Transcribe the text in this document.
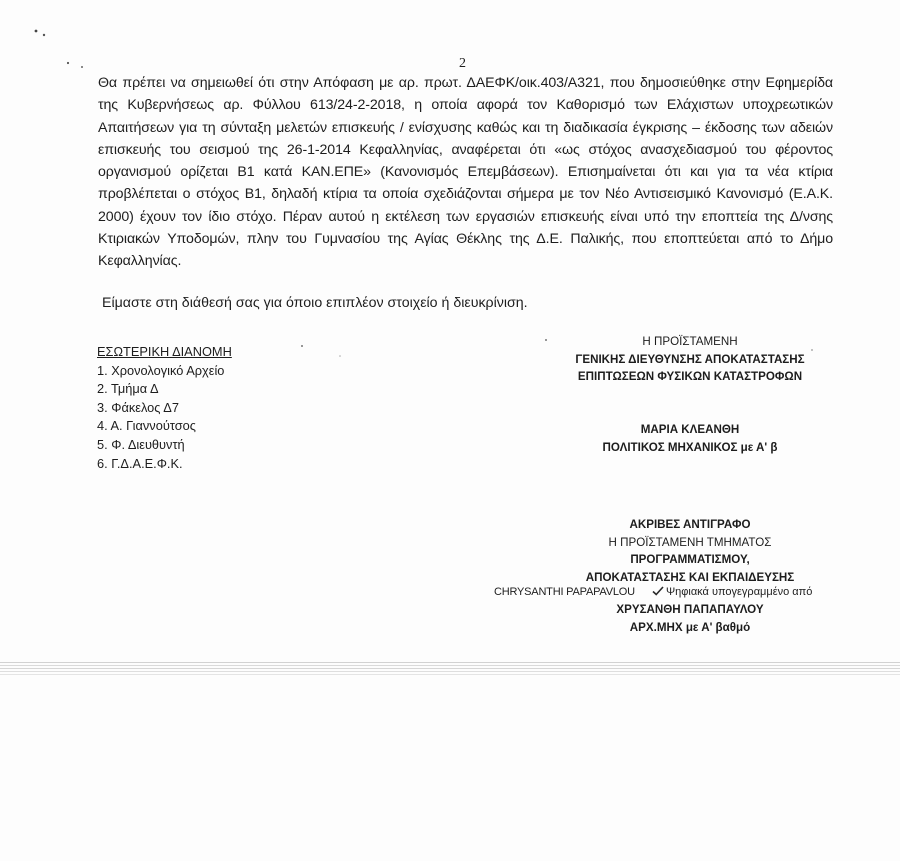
2

Θα πρέπει να σημειωθεί ότι στην Απόφαση με αρ. πρωτ. ΔΑΕΦΚ/οικ.403/Α321, που δημοσιεύθηκε στην Εφημερίδα της Κυβερνήσεως αρ. Φύλλου 613/24-2-2018, η οποία αφορά τον Καθορισμό των Ελάχιστων υποχρεωτικών Απαιτήσεων για τη σύνταξη μελετών επισκευής / ενίσχυσης καθώς και τη διαδικασία έγκρισης – έκδοσης των αδειών επισκευής του σεισμού της 26-1-2014 Κεφαλληνίας, αναφέρεται ότι «ως στόχος ανασχεδιασμού του φέροντος οργανισμού ορίζεται Β1 κατά ΚΑΝ.ΕΠΕ» (Κανονισμός Επεμβάσεων). Επισημαίνεται ότι και για τα νέα κτίρια προβλέπεται ο στόχος Β1, δηλαδή κτίρια τα οποία σχεδιάζονται σήμερα με τον Νέο Αντισεισμικό Κανονισμό (Ε.Α.Κ. 2000) έχουν τον ίδιο στόχο. Πέραν αυτού η εκτέλεση των εργασιών επισκευής είναι υπό την εποπτεία της Δ/νσης Κτιριακών Υποδομών, πλην του Γυμνασίου της Αγίας Θέκλης της Δ.Ε. Παλικής, που εποπτεύεται από το Δήμο Κεφαλληνίας.

Είμαστε στη διάθεσή σας για όποιο επιπλέον στοιχείο ή διευκρίνιση.
ΕΣΩΤΕΡΙΚΗ ΔΙΑΝΟΜΗ
1. Χρονολογικό Αρχείο
2. Τμήμα Δ
3. Φάκελος Δ7
4. Α. Γιαννούτσος
5. Φ. Διευθυντή
6. Γ.Δ.Α.Ε.Φ.Κ.
Η ΠΡΟΪΣΤΑΜΕΝΗ
ΓΕΝΙΚΗΣ ΔΙΕΥΘΥΝΣΗΣ ΑΠΟΚΑΤΑΣΤΑΣΗΣ
ΕΠΙΠΤΩΣΕΩΝ ΦΥΣΙΚΩΝ ΚΑΤΑΣΤΡΟΦΩΝ
ΜΑΡΙΑ ΚΛΕΑΝΘΗ
ΠΟΛΙΤΙΚΟΣ ΜΗΧΑΝΙΚΟΣ με Α' β
ΑΚΡΙΒΕΣ ΑΝΤΙΓΡΑΦΟ
Η ΠΡΟΪΣΤΑΜΕΝΗ ΤΜΗΜΑΤΟΣ
ΠΡΟΓΡΑΜΜΑΤΙΣΜΟΥ,
ΑΠΟΚΑΤΑΣΤΑΣΗΣ ΚΑΙ ΕΚΠΑΙΔΕΥΣΗΣ
CHRYSANTHI PAPAPAVLOU	Ψηφιακά υπογεγραμμένο από
ΧΡΥΣΑΝΘΗ ΠΑΠΑΠΑΥΛΟΥ
ΑΡΧ.ΜΗΧ με Α' βαθμό
